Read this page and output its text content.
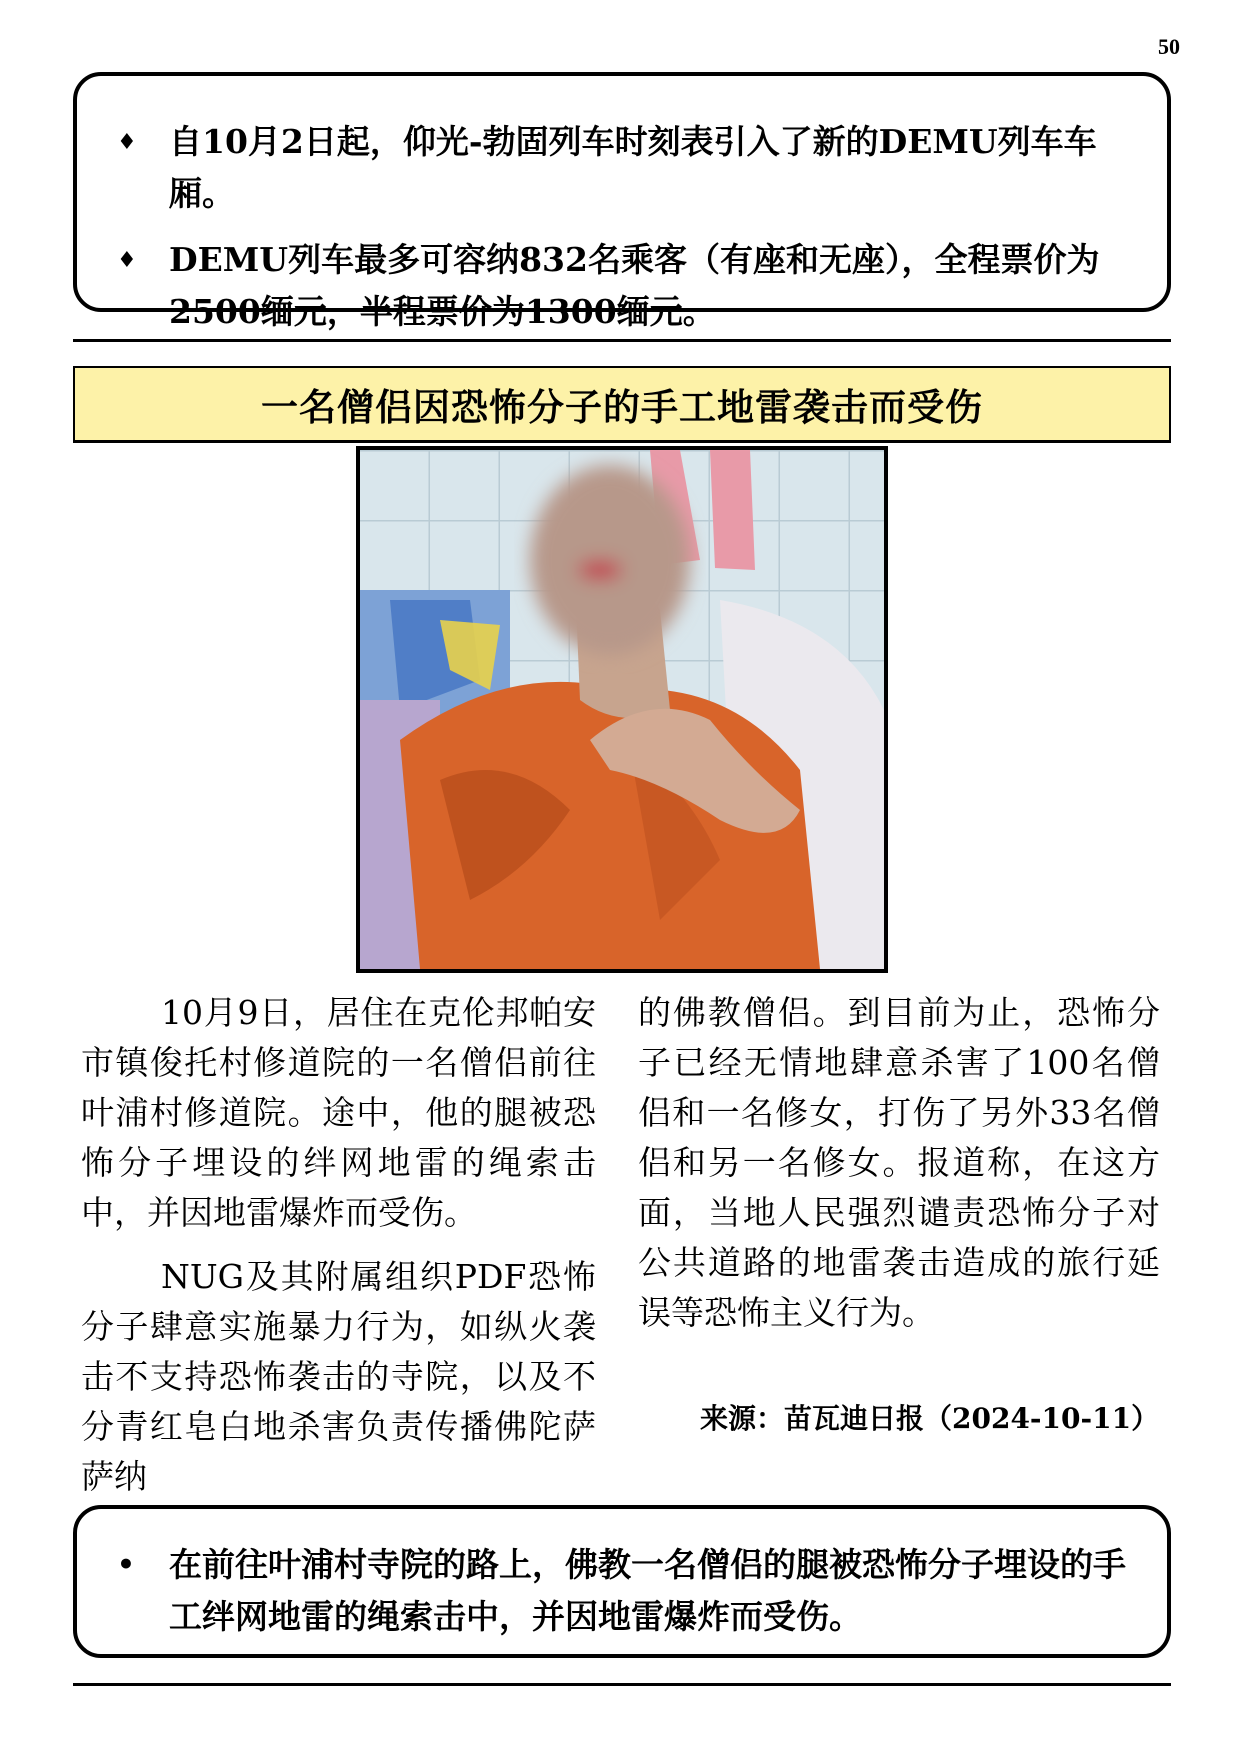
50
♦ 自10月2日起，仰光-勃固列车时刻表引入了新的DEMU列车车厢。
♦ DEMU列车最多可容纳832名乘客（有座和无座），全程票价为2500缅元，半程票价为1300缅元。
一名僧侣因恐怖分子的手工地雷袭击而受伤

10月9日，居住在克伦邦帕安市镇俊托村修道院的一名僧侣前往叶浦村修道院。途中，他的腿被恐怖分子埋设的绊网地雷的绳索击中，并因地雷爆炸而受伤。

NUG及其附属组织PDF恐怖分子肆意实施暴力行为，如纵火袭击不支持恐怖袭击的寺院，以及不分青红皂白地杀害负责传播佛陀萨萨纳

的佛教僧侣。到目前为止，恐怖分子已经无情地肆意杀害了100名僧侣和一名修女，打伤了另外33名僧侣和另一名修女。报道称，在这方面，当地人民强烈谴责恐怖分子对公共道路的地雷袭击造成的旅行延误等恐怖主义行为。

来源：苗瓦迪日报（2024-10-11）
•	在前往叶浦村寺院的路上，佛教一名僧侣的腿被恐怖分子埋设的手工绊网地雷的绳索击中，并因地雷爆炸而受伤。
